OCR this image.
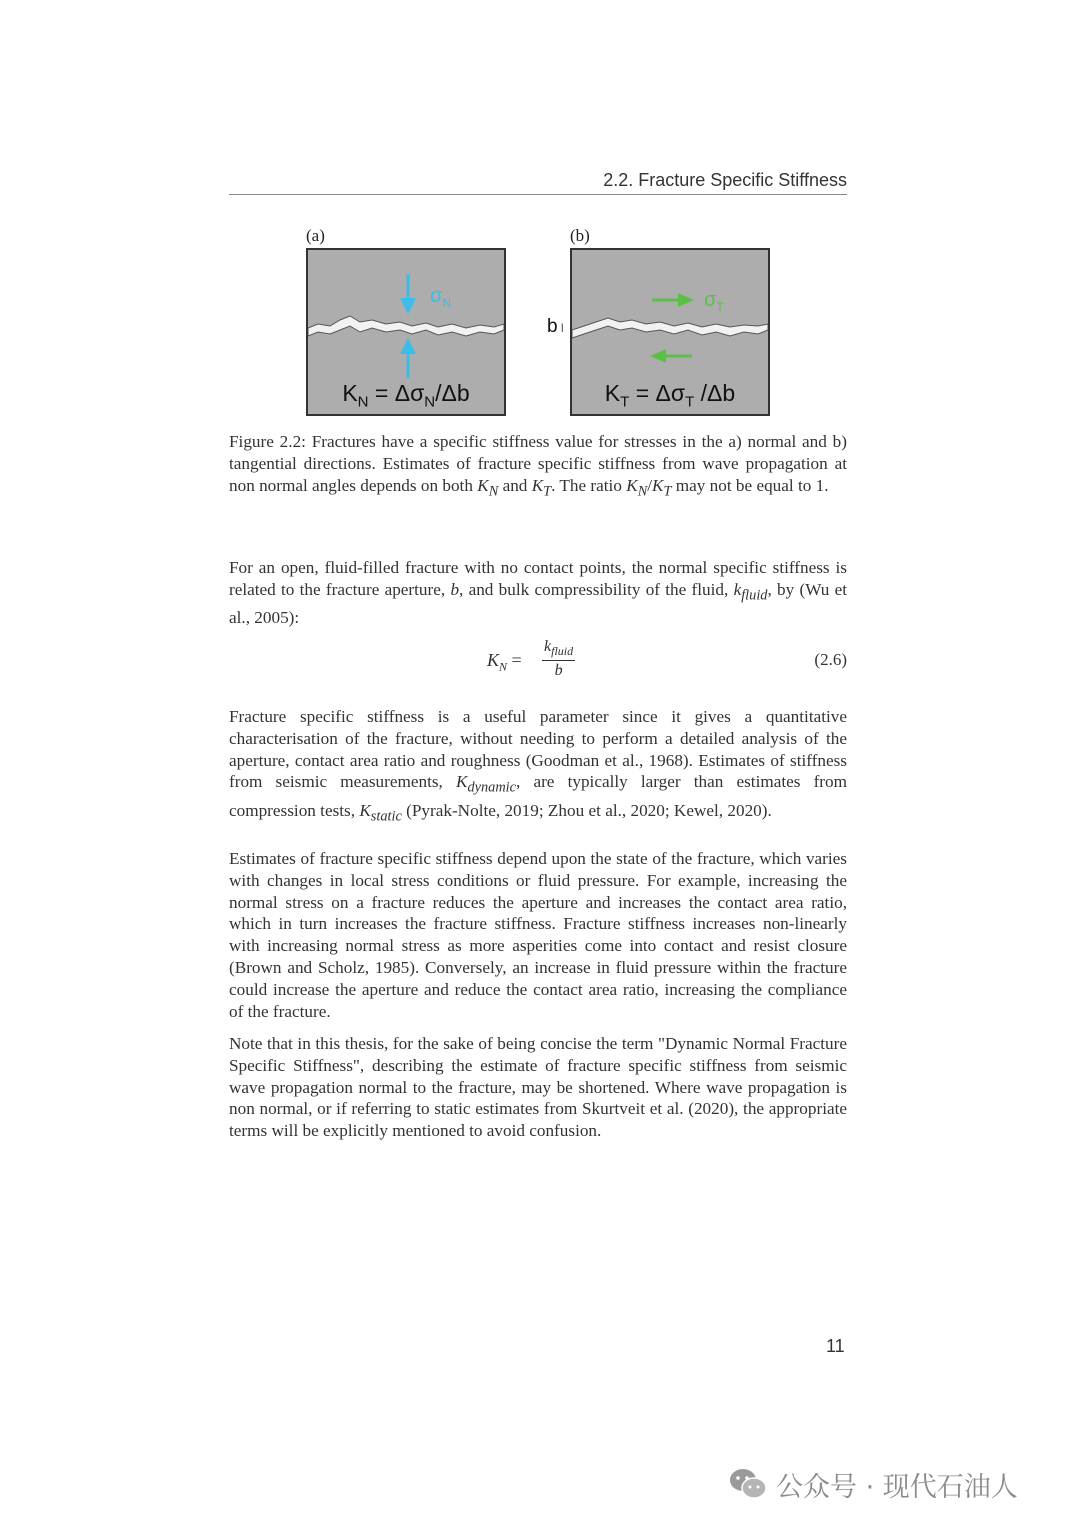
2.2. Fracture Specific Stiffness
(a)
$\sigma_N$
$K_N = \Delta\sigma_N/\Delta b$
(b)
b I
$\sigma_T$
$K_T = \Delta\sigma_T$ /Δb

Figure 2.2: Fractures have a specific stiffness value for stresses in the a) normal and b) tangential directions. Estimates of fracture specific stiffness from wave propagation at non normal angles depends on both $K_N$ and $K_T$. The ratio $K_N/K_T$ may not be equal to 1.

For an open, fluid-filled fracture with no contact points, the normal specific stiffness is related to the fracture aperture, b, and bulk compressibility of the fluid, $k_{fluid}$, by (Wu et al., 2005):

$K_N$ =
$k_{fluid}$
b
(2.6)

Fracture specific stiffness is a useful parameter since it gives a quantitative characterisation of the fracture, without needing to perform a detailed analysis of the aperture, contact area ratio and roughness (Goodman et al., 1968). Estimates of stiffness from seismic measurements, $K_{dynamic}$, are typically larger than estimates from compression tests, $K_{static}$ (Pyrak-Nolte, 2019; Zhou et al., 2020; Kewel, 2020).

Estimates of fracture specific stiffness depend upon the state of the fracture, which varies with changes in local stress conditions or fluid pressure. For example, increasing the normal stress on a fracture reduces the aperture and increases the contact area ratio, which in turn increases the fracture stiffness. Fracture stiffness increases non-linearly with increasing normal stress as more asperities come into contact and resist closure (Brown and Scholz, 1985). Conversely, an increase in fluid pressure within the fracture could increase the aperture and reduce the contact area ratio, increasing the compliance of the fracture.

Note that in this thesis, for the sake of being concise the term "Dynamic Normal Fracture Specific Stiffness", describing the estimate of fracture specific stiffness from seismic wave propagation normal to the fracture, may be shortened. Where wave propagation is non normal, or if referring to static estimates from Skurtveit et al. (2020), the appropriate terms will be explicitly mentioned to avoid confusion.

11
公众号 · 现代石油人
